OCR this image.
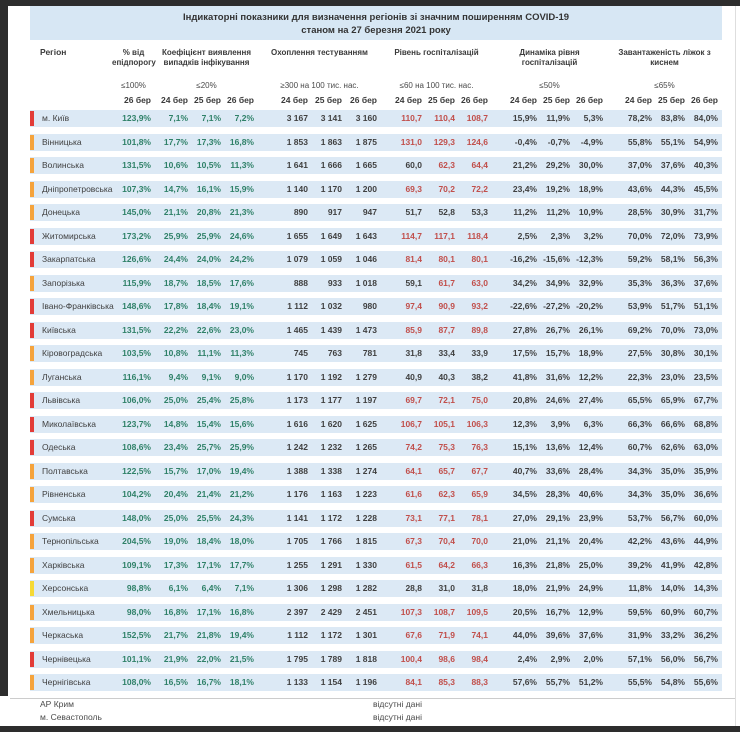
Індикаторні показники для визначення регіонів зі значним поширенням COVID-19
станом на 27 березня 2021 року
Регіон	% від епідпорогу
Коефіцієнт виявлення випадків інфікування
Охоплення тестуванням	Рівень госпіталізацій	Динаміка рівня госпіталізацій
Завантаженість ліжок з киснем
≤100%	≤20%	≥300 на 100 тис. нас.	≤60 на 100 тис. нас.	≤50%	≤65%
26 бер	24 бер 25 бер 26 бер	24 бер 25 бер 26 бер	24 бер 25 бер 26 бер	24 бер 25 бер 26 бер	24 бер 25 бер 26 бер
м. Київ	123,9%	7,1%	7,1%	7,2%	3 167	3 141	3 160	110,7	110,4	108,7	15,9%	11,9%	5,3%	78,2%	83,8%	84,0%
Вінницька	101,8%	17,7%	17,3%	16,8%	1 853	1 863	1 875	131,0	129,3	124,6	-0,4%	-0,7%	-4,9%	55,8%	55,1%	54,9%
Волинська	131,5%	10,6%	10,5%	11,3%	1 641	1 666	1 665	60,0	62,3	64,4	21,2%	29,2%	30,0%	37,0%	37,6%	40,3%
Дніпропетровська	107,3%	14,7%	16,1%	15,9%	1 140	1 170	1 200	69,3	70,2	72,2	23,4%	19,2%	18,9%	43,6%	44,3%	45,5%
Донецька	145,0%	21,1%	20,8%	21,3%	890	917	947	51,7	52,8	53,3	11,2%	11,2%	10,9%	28,5%	30,9%	31,7%
Житомирська	173,2%	25,9%	25,9%	24,6%	1 655	1 649	1 643	114,7	117,1	118,4	2,5%	2,3%	3,2%	70,0%	72,0%	73,9%
Закарпатська	126,6%	24,4%	24,0%	24,2%	1 079	1 059	1 046	81,4	80,1	80,1	-16,2% -15,6% -12,3%	59,2%	58,1%	56,3%
Запорізька	115,9%	18,7%	18,5%	17,6%	888	933	1 018	59,1	61,7	63,0	34,2%	34,9%	32,9%	35,3%	36,3%	37,6%
Івано-Франківська 148,6%	17,8%	18,4%	19,1%	1 112	1 032	980	97,4	90,9	93,2	-22,6% -27,2% -20,2%	53,9%	51,7%	51,1%
Київська	131,5%	22,2%	22,6%	23,0%	1 465	1 439	1 473	85,9	87,7	89,8	27,8%	26,7%	26,1%	69,2%	70,0%	73,0%
Кіровоградська	103,5%	10,8%	11,1%	11,3%	745	763	781	31,8	33,4	33,9	17,5%	15,7%	18,9%	27,5%	30,8%	30,1%
Луганська	116,1%	9,4%	9,1%	9,0%	1 170	1 192	1 279	40,9	40,3	38,2	41,8%	31,6%	12,2%	22,3%	23,0%	23,5%
Львівська	106,0%	25,0%	25,4%	25,8%	1 173	1 177	1 197	69,7	72,1	75,0	20,8%	24,6%	27,4%	65,5%	65,9%	67,7%
Миколаївська	123,7%	14,8%	15,4%	15,6%	1 616	1 620	1 625	106,7	105,1	106,3	12,3%	3,9%	6,3%	66,3%	66,6%	68,8%
Одеська	108,6%	23,4%	25,7%	25,9%	1 242	1 232	1 265	74,2	75,3	76,3	15,1%	13,6%	12,4%	60,7%	62,6%	63,0%
Полтавська	122,5%	15,7%	17,0%	19,4%	1 388	1 338	1 274	64,1	65,7	67,7	40,7%	33,6%	28,4%	34,3%	35,0%	35,9%
Рівненська	104,2%	20,4%	21,4%	21,2%	1 176	1 163	1 223	61,6	62,3	65,9	34,5%	28,3%	40,6%	34,3%	35,0%	36,6%
Сумська	148,0%	25,0%	25,5%	24,3%	1 141	1 172	1 228	73,1	77,1	78,1	27,0%	29,1%	23,9%	53,7%	56,7%	60,0%
Тернопільська	204,5%	19,0%	18,4%	18,0%	1 705	1 766	1 815	67,3	70,4	70,0	21,0%	21,1%	20,4%	42,2%	43,6%	44,9%
Харківська	109,1%	17,3%	17,1%	17,7%	1 255	1 291	1 330	61,5	64,2	66,3	16,3%	21,8%	25,0%	39,2%	41,9%	42,8%
Херсонська	98,8%	6,1%	6,4%	7,1%	1 306	1 298	1 282	28,8	31,0	31,8	18,0%	21,9%	24,9%	11,8%	14,0%	14,3%
Хмельницька	98,0%	16,8%	17,1%	16,8%	2 397	2 429	2 451	107,3	108,7	109,5	20,5%	16,7%	12,9%	59,5%	60,9%	60,7%
Черкаська	152,5%	21,7%	21,8%	19,4%	1 112	1 172	1 301	67,6	71,9	74,1	44,0%	39,6%	37,6%	31,9%	33,2%	36,2%
Чернівецька	101,1%	21,9%	22,0%	21,5%	1 795	1 789	1 818	100,4	98,6	98,4	2,4%	2,9%	2,0%	57,1%	56,0%	56,7%
Чернігівська	108,0%	16,5%	16,7%	18,1%	1 133	1 154	1 196	84,1	85,3	88,3	57,6%	55,7%	51,2%	55,5%	54,8%	55,6%
АР Крим	відсутні дані
м. Севастополь	відсутні дані
